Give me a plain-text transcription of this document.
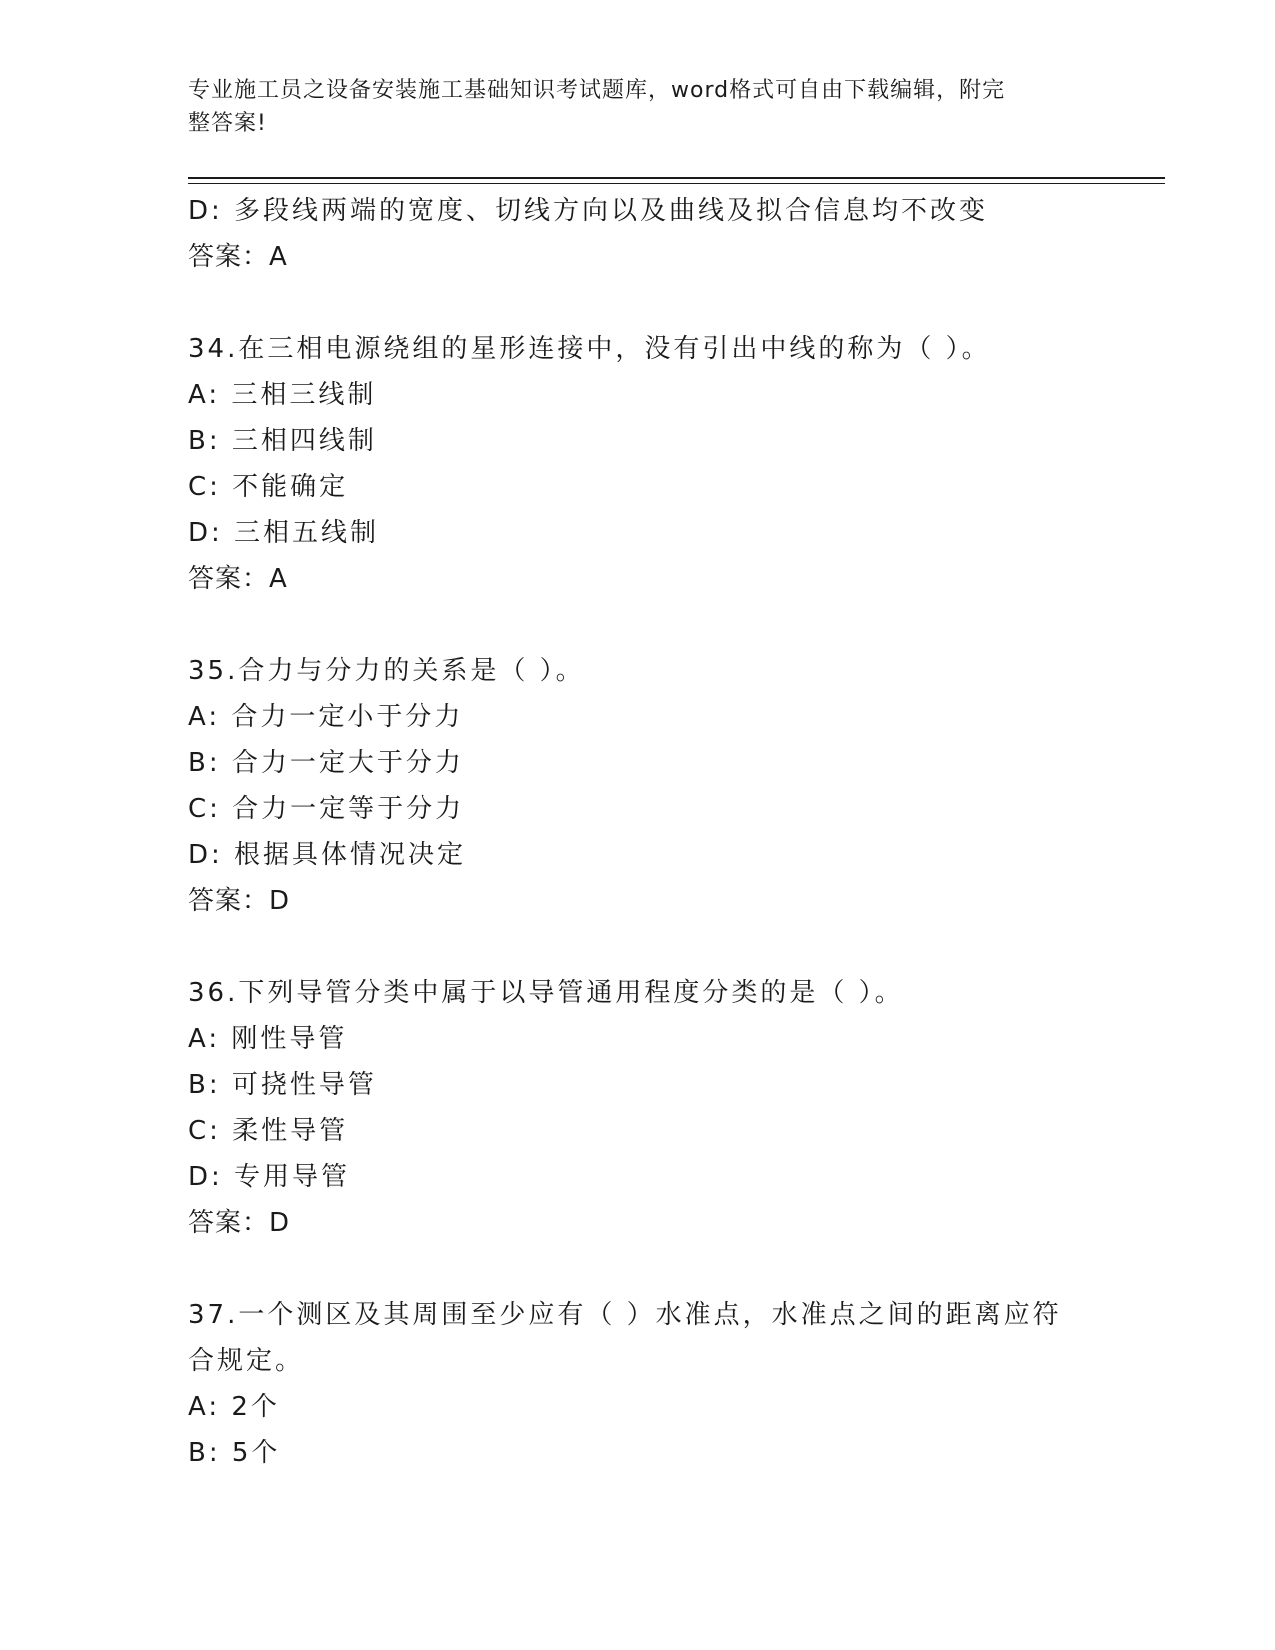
专业施工员之设备安装施工基础知识考试题库，word格式可自由下载编辑，附完
整答案!
D: 多段线两端的宽度、切线方向以及曲线及拟合信息均不改变
答案：A
34.在三相电源绕组的星形连接中，没有引出中线的称为（ ）。
A: 三相三线制
B: 三相四线制
C: 不能确定
D: 三相五线制
答案：A
35.合力与分力的关系是（ ）。
A: 合力一定小于分力
B: 合力一定大于分力
C: 合力一定等于分力
D: 根据具体情况决定
答案：D
36.下列导管分类中属于以导管通用程度分类的是（ ）。
A: 刚性导管
B: 可挠性导管
C: 柔性导管
D: 专用导管
答案：D
37.一个测区及其周围至少应有（ ）水准点，水准点之间的距离应符
合规定。
A: 2个
B: 5个
